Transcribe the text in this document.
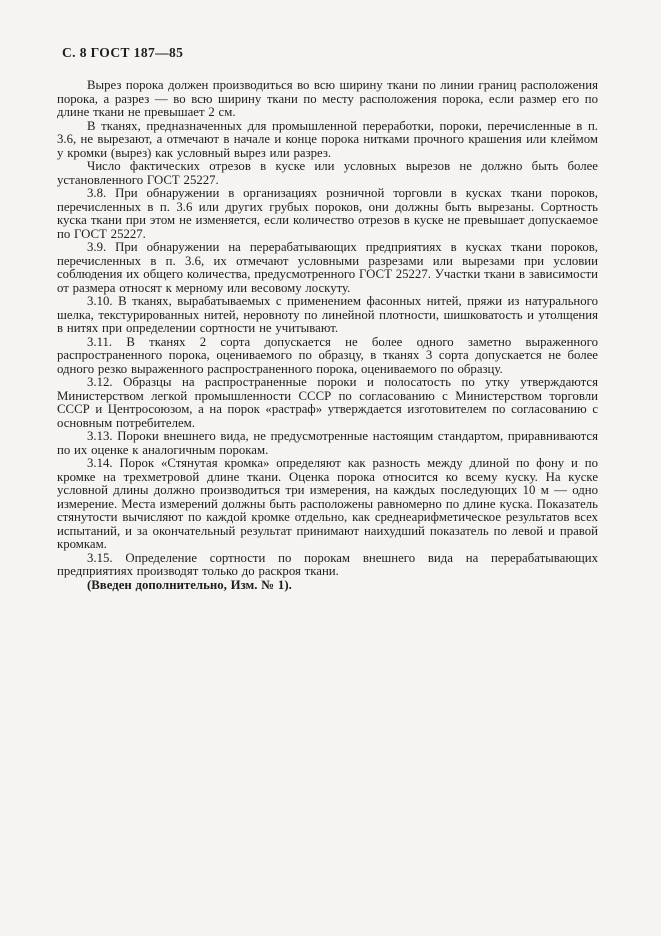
С. 8 ГОСТ 187—85

Вырез порока должен производиться во всю ширину ткани по линии границ расположения порока, а разрез — во всю ширину ткани по месту расположения порока, если размер его по длине ткани не превышает 2 см.

В тканях, предназначенных для промышленной переработки, пороки, перечисленные в п. 3.6, не вырезают, а отмечают в начале и конце порока нитками прочного крашения или клеймом у кромки (вырез) как условный вырез или разрез.

Число фактических отрезов в куске или условных вырезов не должно быть более установленного ГОСТ 25227.

3.8. При обнаружении в организациях розничной торговли в кусках ткани пороков, перечисленных в п. 3.6 или других грубых пороков, они должны быть вырезаны. Сортность куска ткани при этом не изменяется, если количество отрезов в куске не превышает допускаемое по ГОСТ 25227.

3.9. При обнаружении на перерабатывающих предприятиях в кусках ткани пороков, перечисленных в п. 3.6, их отмечают условными разрезами или вырезами при условии соблюдения их общего количества, предусмотренного ГОСТ 25227. Участки ткани в зависимости от размера относят к мерному или весовому лоскуту.

3.10. В тканях, вырабатываемых с применением фасонных нитей, пряжи из натурального шелка, текстурированных нитей, неровноту по линейной плотности, шишковатость и утолщения в нитях при определении сортности не учитывают.

3.11. В тканях 2 сорта допускается не более одного заметно выраженного распространенного порока, оцениваемого по образцу, в тканях 3 сорта допускается не более одного резко выраженного распространенного порока, оцениваемого по образцу.

3.12. Образцы на распространенные пороки и полосатость по утку утверждаются Министерством легкой промышленности СССР по согласованию с Министерством торговли СССР и Центросоюзом, а на порок «растраф» утверждается изготовителем по согласованию с основным потребителем.

3.13. Пороки внешнего вида, не предусмотренные настоящим стандартом, приравниваются по их оценке к аналогичным порокам.

3.14. Порок «Стянутая кромка» определяют как разность между длиной по фону и по кромке на трехметровой длине ткани. Оценка порока относится ко всему куску. На куске условной длины должно производиться три измерения, на каждых последующих 10 м — одно измерение. Места измерений должны быть расположены равномерно по длине куска. Показатель стянутости вычисляют по каждой кромке отдельно, как среднеарифметическое результатов всех испытаний, и за окончательный результат принимают наихудший показатель по левой и правой кромкам.

3.15. Определение сортности по порокам внешнего вида на перерабатывающих предприятиях производят только до раскроя ткани.

(Введен дополнительно, Изм. № 1).
